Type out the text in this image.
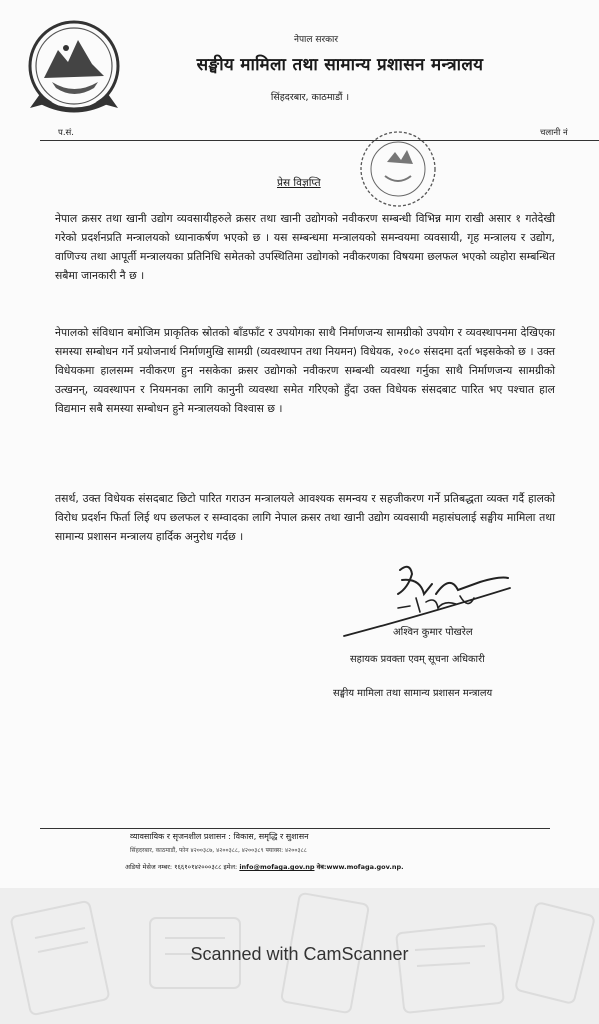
नेपाल सरकार
सङ्घीय मामिला तथा सामान्य प्रशासन मन्त्रालय
सिंहदरबार, काठमाडौं ।
प.सं.	चलानी नं
प्रेस विज्ञप्ति

नेपाल क्रसर तथा खानी उद्योग व्यवसायीहरुले क्रसर तथा खानी उद्योगको नवीकरण सम्बन्धी विभिन्न माग राखी असार १ गतेदेखी गरेको प्रदर्शनप्रति मन्त्रालयको ध्यानाकर्षण भएको छ । यस सम्बन्धमा मन्त्रालयको समन्वयमा व्यवसायी, गृह मन्त्रालय र उद्योग, वाणिज्य तथा आपूर्ती मन्त्रालयका प्रतिनिधि समेतको उपस्थितिमा उद्योगको नवीकरणका विषयमा छलफल भएको व्यहोरा सम्बन्धित सबैमा जानकारी नै छ ।

नेपालको संविधान बमोजिम प्राकृतिक स्रोतको बाँडफाँट र उपयोगका साथै निर्माणजन्य सामग्रीको उपयोग र व्यवस्थापनमा देखिएका समस्या सम्बोधन गर्ने प्रयोजनार्थ निर्माणमुखि सामग्री (व्यवस्थापन तथा नियमन) विधेयक, २०८० संसदमा दर्ता भइसकेको छ । उक्त विधेयकमा हालसम्म नवीकरण हुन नसकेका क्रसर उद्योगको नवीकरण सम्बन्धी व्यवस्था गर्नुका साथै निर्माणजन्य सामग्रीको उत्खनन्, व्यवस्थापन र नियमनका लागि कानुनी व्यवस्था समेत गरिएको हुँदा उक्त विधेयक संसदबाट पारित भए पश्चात हाल विद्यमान सबै समस्या सम्बोधन हुने मन्त्रालयको विश्वास छ ।

तसर्थ, उक्त विधेयक संसदबाट छिटो पारित गराउन मन्त्रालयले आवश्यक समन्वय र सहजीकरण गर्ने प्रतिबद्धता व्यक्त गर्दै हालको विरोध प्रदर्शन फिर्ता लिई थप छलफल र सम्वादका लागि नेपाल क्रसर तथा खानी उद्योग व्यवसायी महासंघलाई सङ्घीय मामिला तथा सामान्य प्रशासन मन्त्रालय हार्दिक अनुरोध गर्दछ ।

अश्विन कुमार पोखरेल
सहायक प्रवक्ता एवम् सूचना अधिकारी
सङ्घीय मामिला तथा सामान्य प्रशासन मन्त्रालय
व्यावसायिक र सृजनशील प्रशासन : विकास, समृद्धि र सुशासन
सिंहदरबार, काठमाडौं, फोन ४२००३८७, ४२००३८८, ४२००३८९ फ्याक्स: ४२००३८८
अडियो मेसेज नम्बर: १६६१०१४२०००३८८ इमेल: info@mofaga.gov.np वेब:www.mofaga.gov.np.
Scanned with CamScanner
